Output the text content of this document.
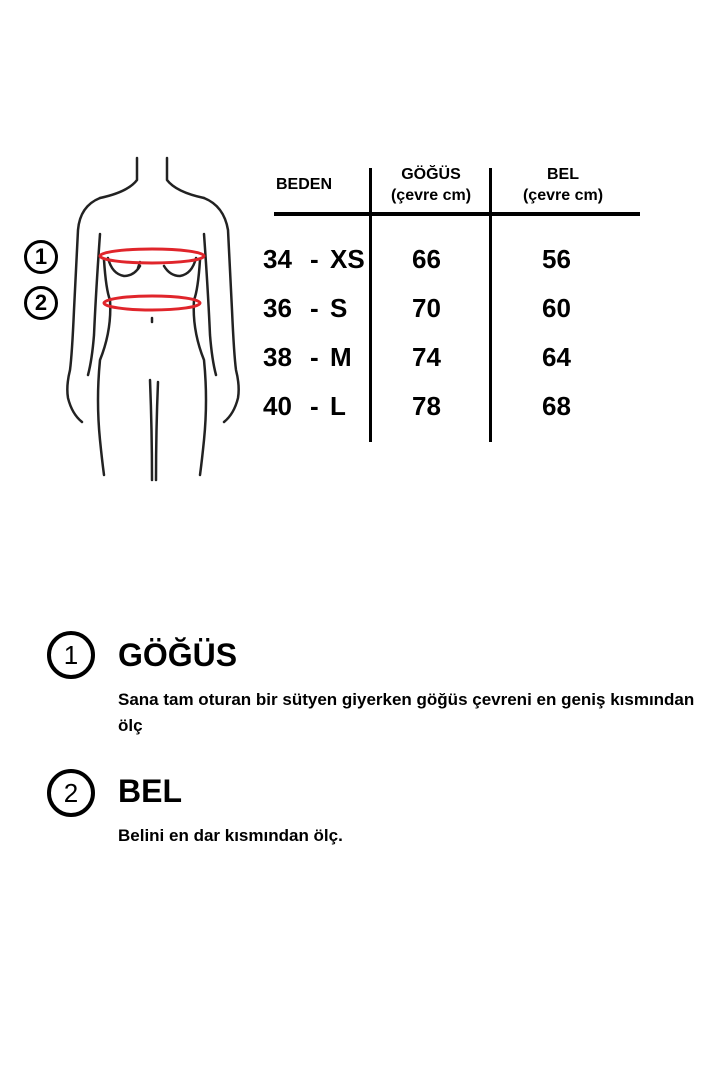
1
2
BEDEN
GÖĞÜS
(çevre cm)
BEL
(çevre cm)
34 - XS 66	56
36 - S 70	60
38 - M 74	64
40 - L	78	68
1 GÖĞÜS
Sana tam oturan bir sütyen giyerken göğüs çevreni en geniş kısmından ölç
2 BEL
Belini en dar kısmından ölç.
